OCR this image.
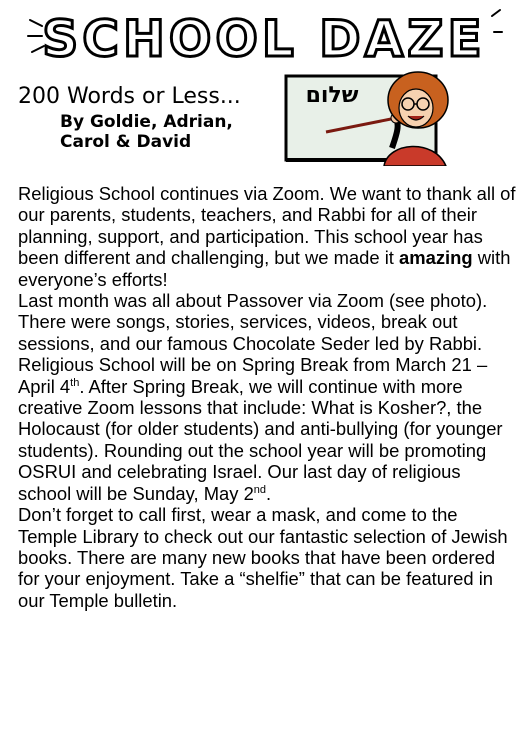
SCHOOL DAZE

200 Words or Less...

By Goldie, Adrian,
Carol & David

שלום

Religious School continues via Zoom. We want to thank all of our parents, students, teachers, and Rabbi for all of their planning, support, and participation. This school year has been different and challenging, but we made it amazing with everyone’s efforts!

Last month was all about Passover via Zoom (see photo). There were songs, stories, services, videos, break out sessions, and our famous Chocolate Seder led by Rabbi.

Religious School will be on Spring Break from March 21 – April 4th. After Spring Break, we will continue with more creative Zoom lessons that include: What is Kosher?, the Holocaust (for older students) and anti-bullying (for younger students). Rounding out the school year will be promoting OSRUI and celebrating Israel. Our last day of religious school will be Sunday, May 2nd.

Don’t forget to call first, wear a mask, and come to the Temple Library to check out our fantastic selection of Jewish books. There are many new books that have been ordered for your enjoyment. Take a “shelfie” that can be featured in our Temple bulletin.
